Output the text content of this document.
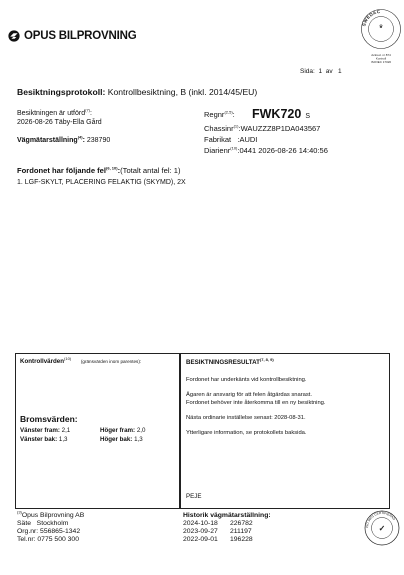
OPUS BILPROVNING
SWEDAC
♛
Ackred. nr 874
Kontroll
ISO/IEC 17020
Sida: 1 av 1
Besiktningsprotokoll: Kontrollbesiktning, B (inkl. 2014/45/EU)
Besiktningen är utförd$^{(7)}$:
2026-08-26 Täby-Ella Gård
Vägmätarställning$^{(4)}$: 238790
Regnr$^{(2,5)}$: FWK720 S
Chassinr$^{(1)}$:WAUZZZ8P1DA043567
Fabrikat   :AUDI
Diarienr$^{(10)}$:0441 2026-08-26 14:40:56
Fordonet har följande fel$^{(6, 10)}$:(Totalt antal fel: 1)
1. LGF-SKYLT, PLACERING FELAKTIG (SKYMD), 2X
Kontrollvärden$^{(10)}$ (gränsvärden inom parentes):
Bromsvärden:
Vänster fram: 2,1
Vänster bak: 1,3
Höger fram: 2,0
Höger bak: 1,3
BESIKTNINGSRESULTAT$^{(7, 8, 9)}$
Fordonet har underkänts vid kontrollbesiktning.
Ägaren är ansvarig för att felen åtgärdas snarast.
Fordonet behöver inte återkomma till en ny besiktning.
Nästa ordinarie inställelse senast: 2028-08-31.
Ytterligare information, se protokollets baksida.
PEJE
$^{(3)}$Opus Bilprovning AB
Säte Stockholm
Org.nr: 556865-1342
Tel.nr: 0775 500 300
Historik vägmätarställning:
2024-10-18 226782
2023-09-27 211197
2022-09-01 196228
ISO 9001 CERTIFIERAD
✓
